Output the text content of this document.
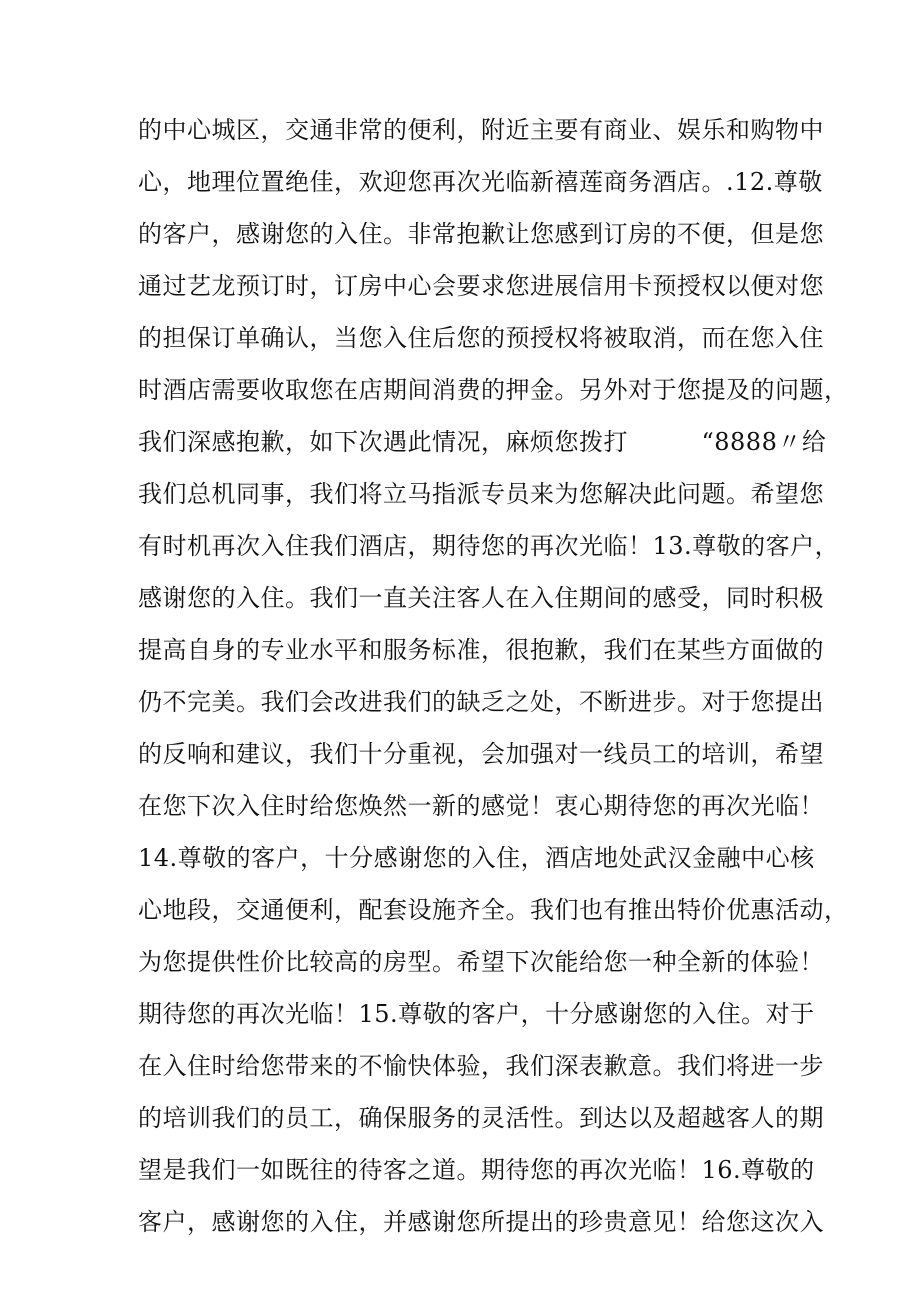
的中心城区，交通非常的便利，附近主要有商业、娱乐和购物中
心，地理位置绝佳，欢迎您再次光临新禧莲商务酒店。.12.尊敬
的客户，感谢您的入住。非常抱歉让您感到订房的不便，但是您
通过艺龙预订时，订房中心会要求您进展信用卡预授权以便对您
的担保订单确认，当您入住后您的预授权将被取消，而在您入住
时酒店需要收取您在店期间消费的押金。另外对于您提及的问题，
我们深感抱歉，如下次遇此情况，麻烦您拨打　　　“8888〃给
我们总机同事，我们将立马指派专员来为您解决此问题。希望您
有时机再次入住我们酒店，期待您的再次光临！13.尊敬的客户，
感谢您的入住。我们一直关注客人在入住期间的感受，同时积极
提高自身的专业水平和服务标准，很抱歉，我们在某些方面做的
仍不完美。我们会改进我们的缺乏之处，不断进步。对于您提出
的反响和建议，我们十分重视，会加强对一线员工的培训，希望
在您下次入住时给您焕然一新的感觉！衷心期待您的再次光临！
14.尊敬的客户，十分感谢您的入住，酒店地处武汉金融中心核
心地段，交通便利，配套设施齐全。我们也有推出特价优惠活动，
为您提供性价比较高的房型。希望下次能给您一种全新的体验！
期待您的再次光临！15.尊敬的客户，十分感谢您的入住。对于
在入住时给您带来的不愉快体验，我们深表歉意。我们将进一步
的培训我们的员工，确保服务的灵活性。到达以及超越客人的期
望是我们一如既往的待客之道。期待您的再次光临！16.尊敬的
客户，感谢您的入住，并感谢您所提出的珍贵意见！给您这次入
